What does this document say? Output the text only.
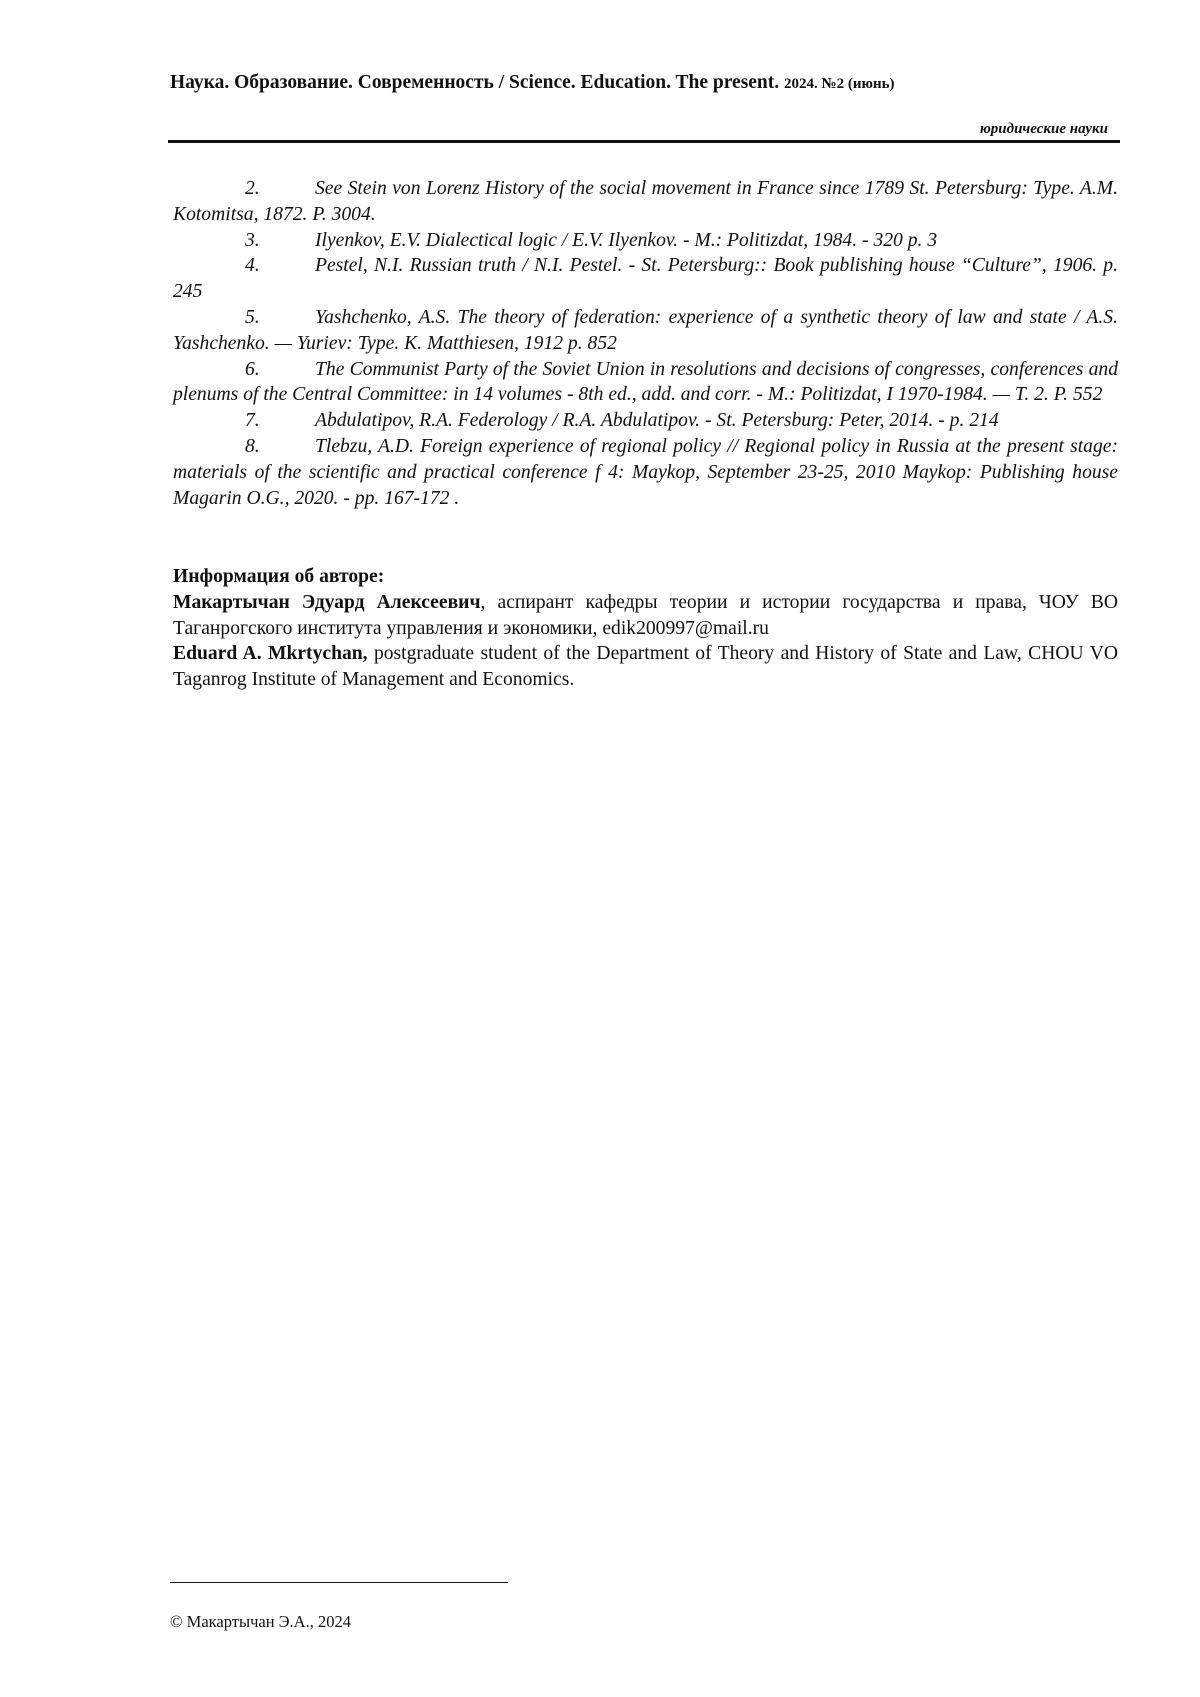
Наука. Образование. Современность / Science. Education. The present. 2024. №2 (июнь)
юридические науки

2.	See Stein von Lorenz History of the social movement in France since 1789 St. Petersburg: Type. A.M. Kotomitsa, 1872. P. 3004.

3.	Ilyenkov, E.V. Dialectical logic / E.V. Ilyenkov. - M.: Politizdat, 1984. - 320 p. 3

4.	Pestel, N.I. Russian truth / N.I. Pestel. - St. Petersburg:: Book publishing house “Culture”, 1906. p. 245

5.	Yashchenko, A.S. The theory of federation: experience of a synthetic theory of law and state / A.S. Yashchenko. — Yuriev: Type. K. Matthiesen, 1912 p. 852

6.	The Communist Party of the Soviet Union in resolutions and decisions of congresses, conferences and plenums of the Central Committee: in 14 volumes - 8th ed., add. and corr. - M.: Politizdat, I 1970-1984. — T. 2. P. 552

7.	Abdulatipov, R.A. Federology / R.A. Abdulatipov. - St. Petersburg: Peter, 2014. - p. 214

8.	Tlebzu, A.D. Foreign experience of regional policy // Regional policy in Russia at the present stage: materials of the scientific and practical conference f 4: Maykop, September 23-25, 2010 Maykop: Publishing house Magarin O.G., 2020. - pp. 167-172 .

Информация об авторе:

Макартычан Эдуард Алексеевич, аспирант кафедры теории и истории государства и права, ЧОУ ВО Таганрогского института управления и экономики, edik200997@mail.ru

Eduard A. Mkrtychan, postgraduate student of the Department of Theory and History of State and Law, CHOU VO Taganrog Institute of Management and Economics.

© Макартычан Э.А., 2024
